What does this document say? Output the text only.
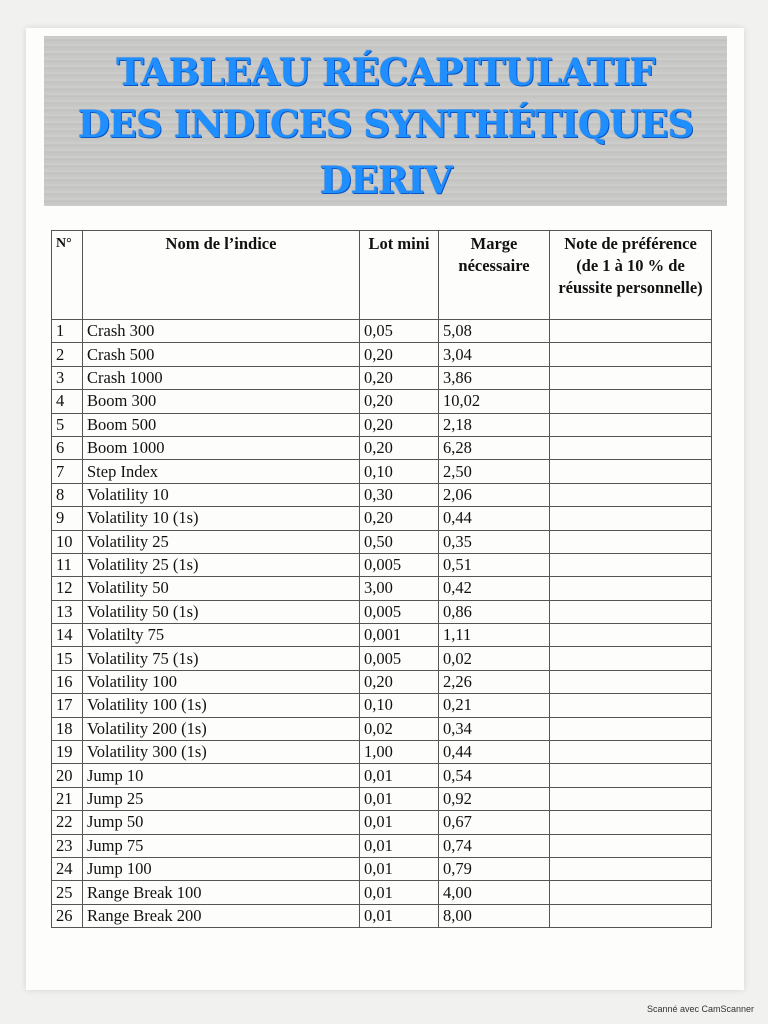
TABLEAU RÉCAPITULATIF
DES INDICES SYNTHÉTIQUES
DERIV
N°	Nom de l’indice	Lot mini	Marge nécessaire	Note de préférence (de 1 à 10 % de réussite personnelle)
1	Crash 300	0,05	5,08	
2	Crash 500	0,20	3,04	
3	Crash 1000	0,20	3,86	
4	Boom 300	0,20	10,02	
5	Boom 500	0,20	2,18	
6	Boom 1000	0,20	6,28	
7	Step Index	0,10	2,50	
8	Volatility 10	0,30	2,06	
9	Volatility 10 (1s)	0,20	0,44	
10	Volatility 25	0,50	0,35	
11	Volatility 25 (1s)	0,005	0,51	
12	Volatility 50	3,00	0,42	
13	Volatility 50 (1s)	0,005	0,86	
14	Volatilty 75	0,001	1,11	
15	Volatility 75 (1s)	0,005	0,02	
16	Volatility 100	0,20	2,26	
17	Volatility 100 (1s)	0,10	0,21	
18	Volatility 200 (1s)	0,02	0,34	
19	Volatility 300 (1s)	1,00	0,44	
20	Jump 10	0,01	0,54	
21	Jump 25	0,01	0,92	
22	Jump 50	0,01	0,67	
23	Jump 75	0,01	0,74	
24	Jump 100	0,01	0,79	
25	Range Break 100	0,01	4,00	
26	Range Break 200	0,01	8,00	
Scanné avec CamScanner
